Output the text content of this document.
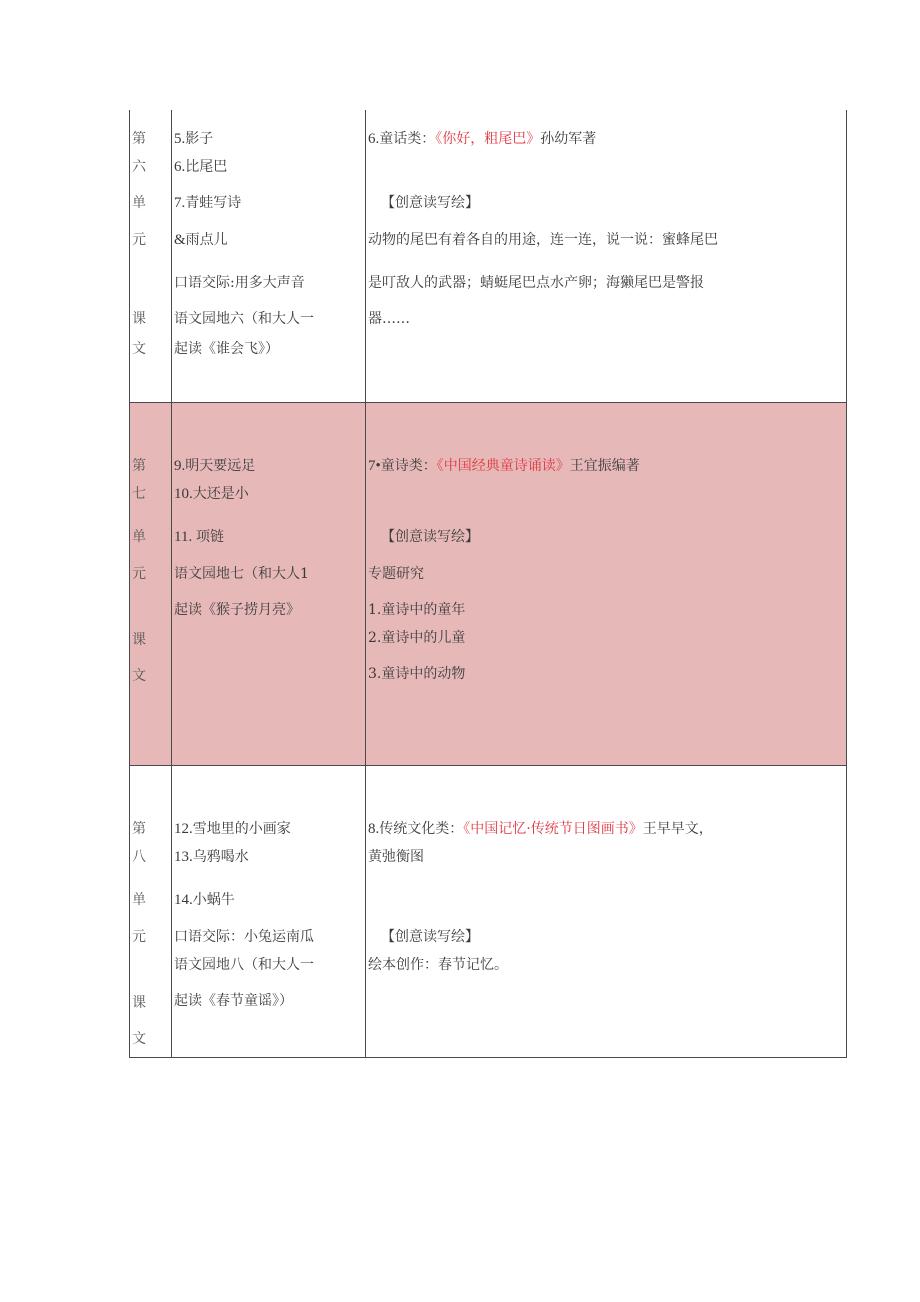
第
六
单
元
课
文
5.影子
6.比尾巴
7.青蛙写诗
&雨点儿
口语交际:用多大声音
语文园地六（和大人一
起读《谁会飞》）
6.童话类：《你好，粗尾巴》孙幼军著
【创意读写绘】
动物的尾巴有着各自的用途，连一连，说一说：蜜蜂尾巴
是叮敌人的武器；蜻蜓尾巴点水产卵；海獭尾巴是警报
器……
第
七
单
元
课
文
9.明天要远足
10.大还是小
11. 项链
语文园地七（和大人1
起读《猴子捞月亮》
7•童诗类：《中国经典童诗诵读》王宜振编著
【创意读写绘】
专题研究
1.童诗中的童年
2.童诗中的儿童
3.童诗中的动物
第
八
单
元
课
文
12.雪地里的小画家
13.乌鸦喝水
14.小蜗牛
口语交际：小兔运南瓜
语文园地八（和大人一
起读《春节童谣》）
8.传统文化类：《中国记忆·传统节日图画书》王早早文，
黄弛衡图
【创意读写绘】
绘本创作：春节记忆。
